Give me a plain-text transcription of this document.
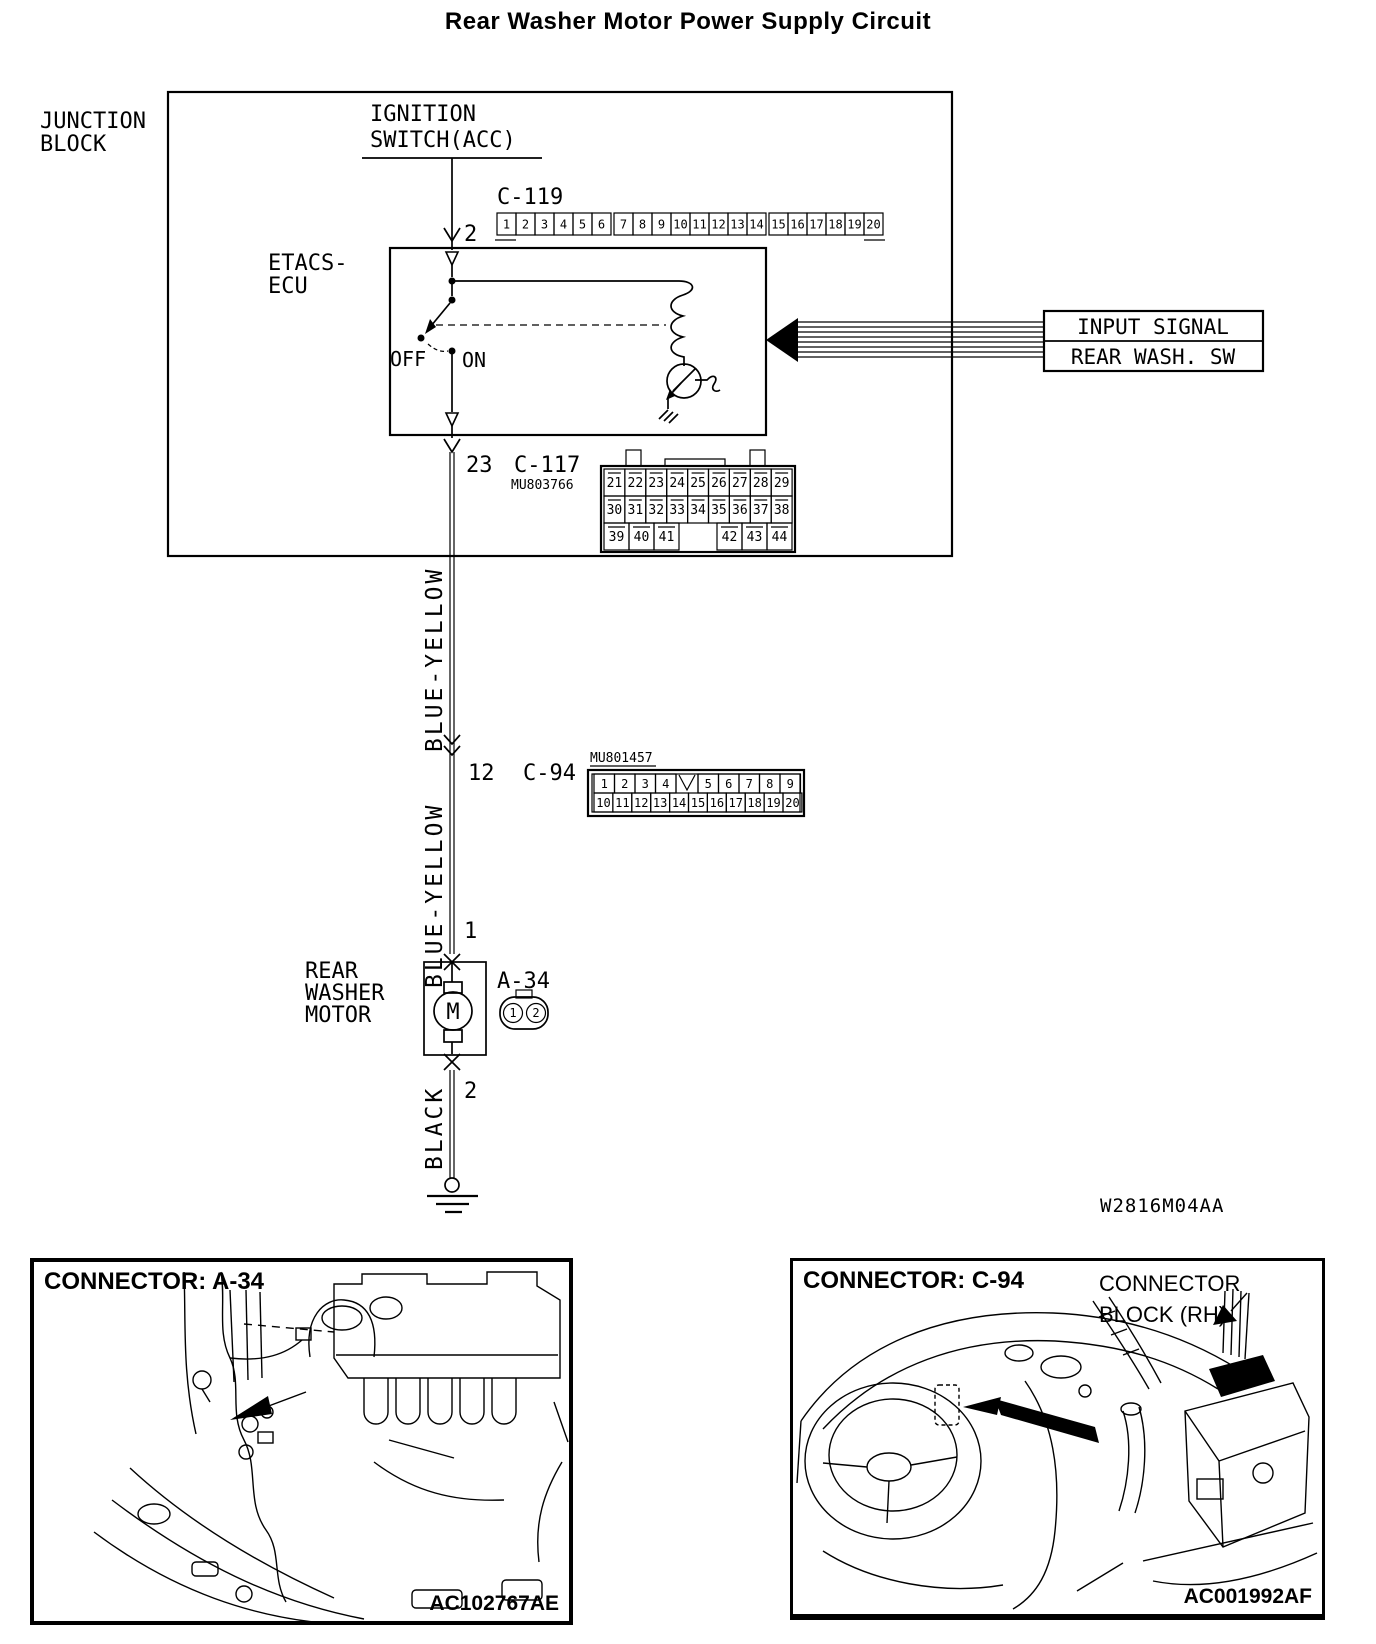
Rear Washer Motor Power Supply Circuit
JUNCTION
BLOCK
IGNITION
SWITCH(ACC)
2
C-119
ETACS-
ECU
OFF ON
INPUT SIGNAL
REAR WASH. SW
23 C-117
MU803766
BLUE-YELLOW
BLUE-YELLOW
12
1
2
BLACK
C-94
MU801457
REAR
WASHER
MOTOR	M
A-34
1 2
W2816M04AA
1 2 3 4 5 6 7 8 9 10 11 12 13 14 15 16 17 18 19 20
21 22 23 24 25 26 27 28 29
30 31 32 33 34 35 36 37 38
39 40 41	42 43 44
1 2 3 4	5 6 7 8 9
10 11 12 13 14 15 16 17 18 19 20
CONNECTOR: A-34
AC102767AE
CONNECTOR: C-94	CONNECTOR
BLOCK (RH)
AC001992AF
